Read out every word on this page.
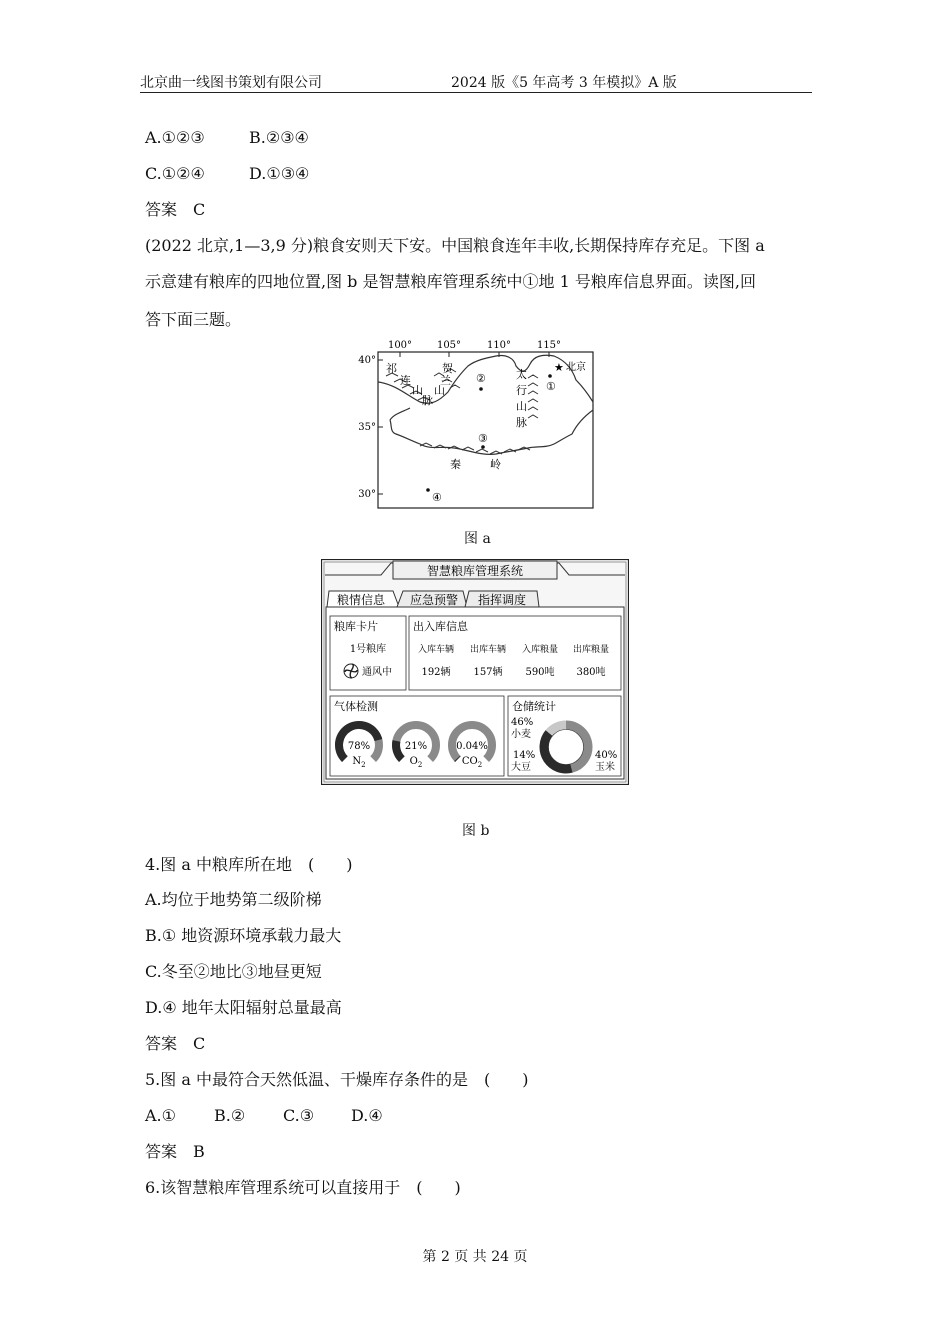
北京曲一线图书策划有限公司	2024 版《5 年高考 3 年模拟》A 版
A.①②③	B.②③④
C.①②④	D.①③④
答案　C
(2022 北京,1—3,9 分)粮食安则天下安。中国粮食连年丰收,长期保持库存充足。下图 a
示意建有粮库的四地位置,图 b 是智慧粮库管理系统中①地 1 号粮库信息界面。读图,回
答下面三题。
100° 105°	110°	115°
40°
35°
30°
祁
连
山
脉
贺
兰
山
太
行
山
脉
秦	岭
★ 北京
①
②
③
④
图 a
智慧粮库管理系统
粮情信息 应急预警 指挥调度
粮库卡片
1号粮库
通风中
出入库信息
入库车辆 出库车辆 入库粮量 出库粮量
192辆 157辆 590吨 380吨
气体检测
78%
$N_2$
21%
$O_2$
0.04%
$CO_2$
仓储统计
46%
小麦
40%
玉米
14%
大豆
图 b
4.图 a 中粮库所在地　(　　)
A.均位于地势第二级阶梯
B.① 地资源环境承载力最大
C.冬至②地比③地昼更短
D.④ 地年太阳辐射总量最高
答案　C
5.图 a 中最符合天然低温、干燥库存条件的是　(　　)
A.① B.② C.③ D.④
答案　B
6.该智慧粮库管理系统可以直接用于　(　　)
第 2 页 共 24 页
